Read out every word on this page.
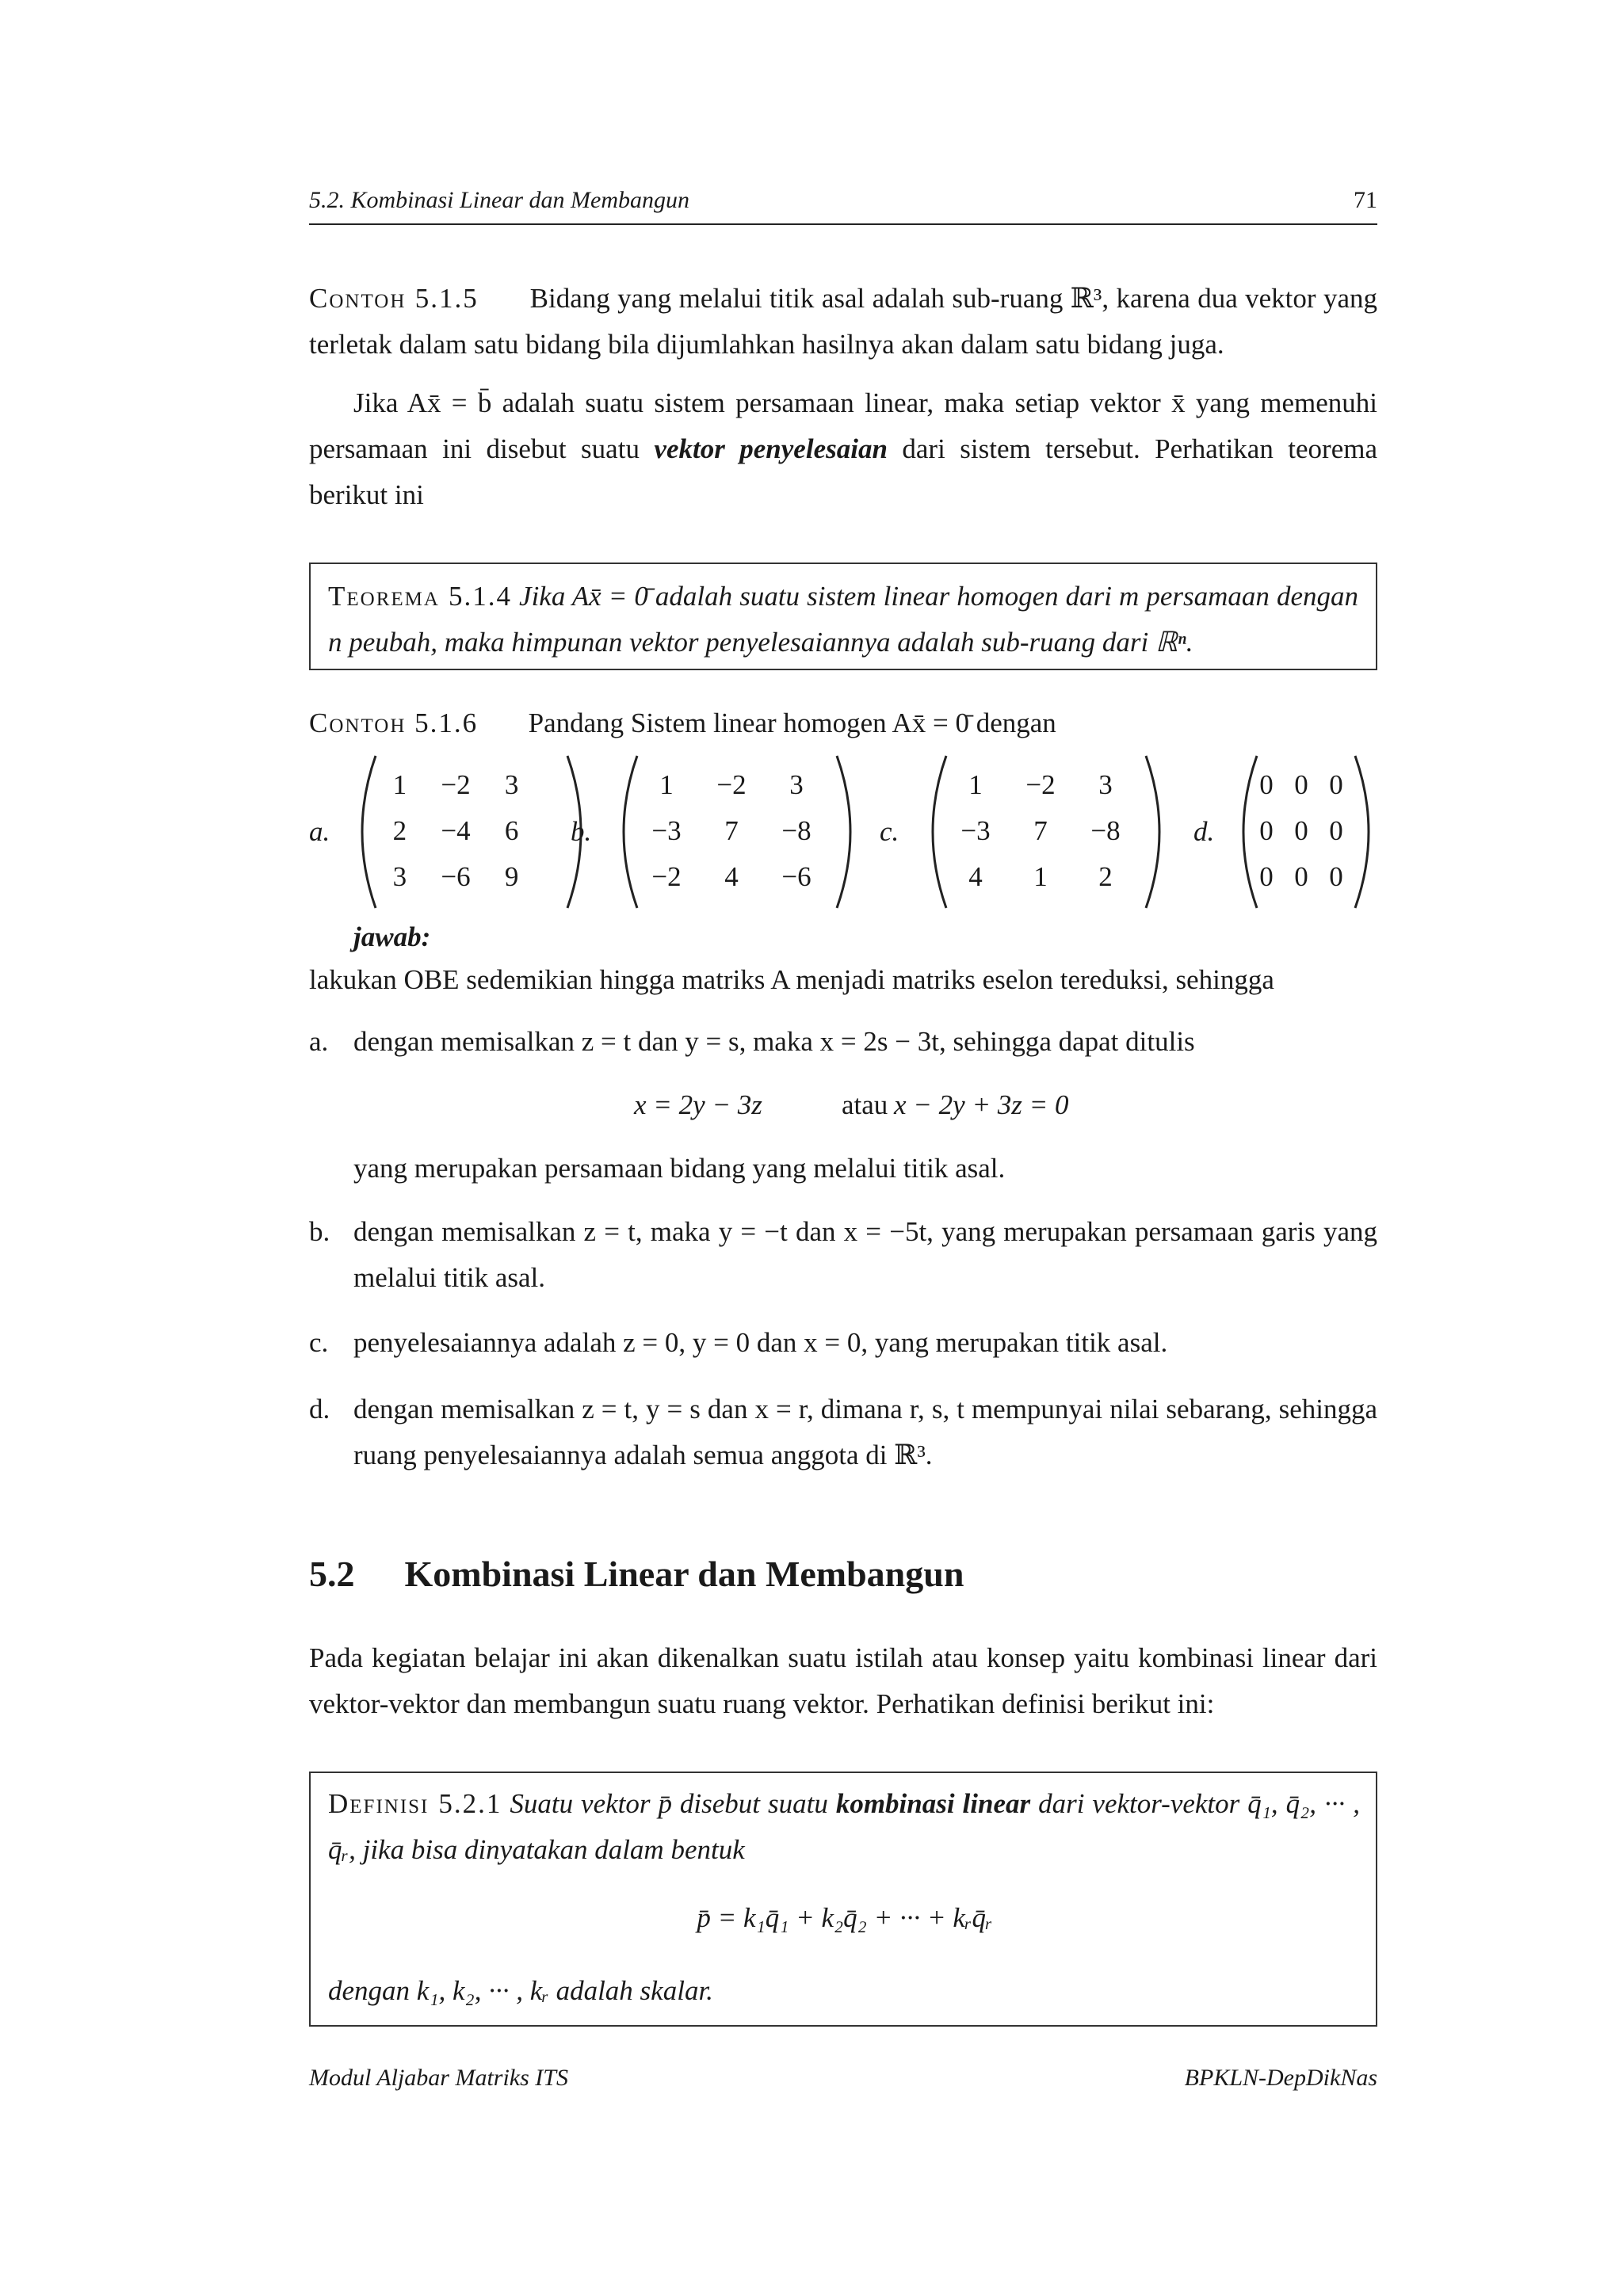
5.2. Kombinasi Linear dan Membangun	71
Contoh 5.1.5 Bidang yang melalui titik asal adalah sub-ruang ℝ³, karena dua vektor yang terletak dalam satu bidang bila dijumlahkan hasilnya akan dalam satu bidang juga.
Jika Ax̄ = b̄ adalah suatu sistem persamaan linear, maka setiap vektor x̄ yang memenuhi persamaan ini disebut suatu vektor penyelesaian dari sistem tersebut. Perhatikan teorema berikut ini
Teorema 5.1.4 Jika Ax̄ = 0̄ adalah suatu sistem linear homogen dari m persamaan dengan n peubah, maka himpunan vektor penyelesaiannya adalah sub-ruang dari ℝⁿ.
Contoh 5.1.6 Pandang Sistem linear homogen Ax̄ = 0̄ dengan
a.
1	−2	3
2	−4	6
3	−6	9
b.
1	−2	3
−3	7	−8
−2	4	−6
c.
1	−2	3
−3	7	−8
4	1	2
d.
0	0	0
0	0	0
0	0	0
jawab:
lakukan OBE sedemikian hingga matriks A menjadi matriks eselon tereduksi, sehingga
a. dengan memisalkan z = t dan y = s, maka x = 2s − 3t, sehingga dapat ditulis
x = 2y − 3z	atau x − 2y + 3z = 0
yang merupakan persamaan bidang yang melalui titik asal.
b. dengan memisalkan z = t, maka y = −t dan x = −5t, yang merupakan persamaan garis yang melalui titik asal.
c. penyelesaiannya adalah z = 0, y = 0 dan x = 0, yang merupakan titik asal.
d. dengan memisalkan z = t, y = s dan x = r, dimana r, s, t mempunyai nilai sebarang, sehingga ruang penyelesaiannya adalah semua anggota di ℝ³.
5.2 Kombinasi Linear dan Membangun
Pada kegiatan belajar ini akan dikenalkan suatu istilah atau konsep yaitu kombinasi linear dari vektor-vektor dan membangun suatu ruang vektor. Perhatikan definisi berikut ini:
Definisi 5.2.1 Suatu vektor p̄ disebut suatu kombinasi linear dari vektor-vektor q̄₁, q̄₂, ··· , q̄ᵣ, jika bisa dinyatakan dalam bentuk
p̄ = k₁q̄₁ + k₂q̄₂ + ··· + kᵣq̄ᵣ
dengan k₁, k₂, ··· , kᵣ adalah skalar.
Modul Aljabar Matriks ITS	BPKLN-DepDikNas
